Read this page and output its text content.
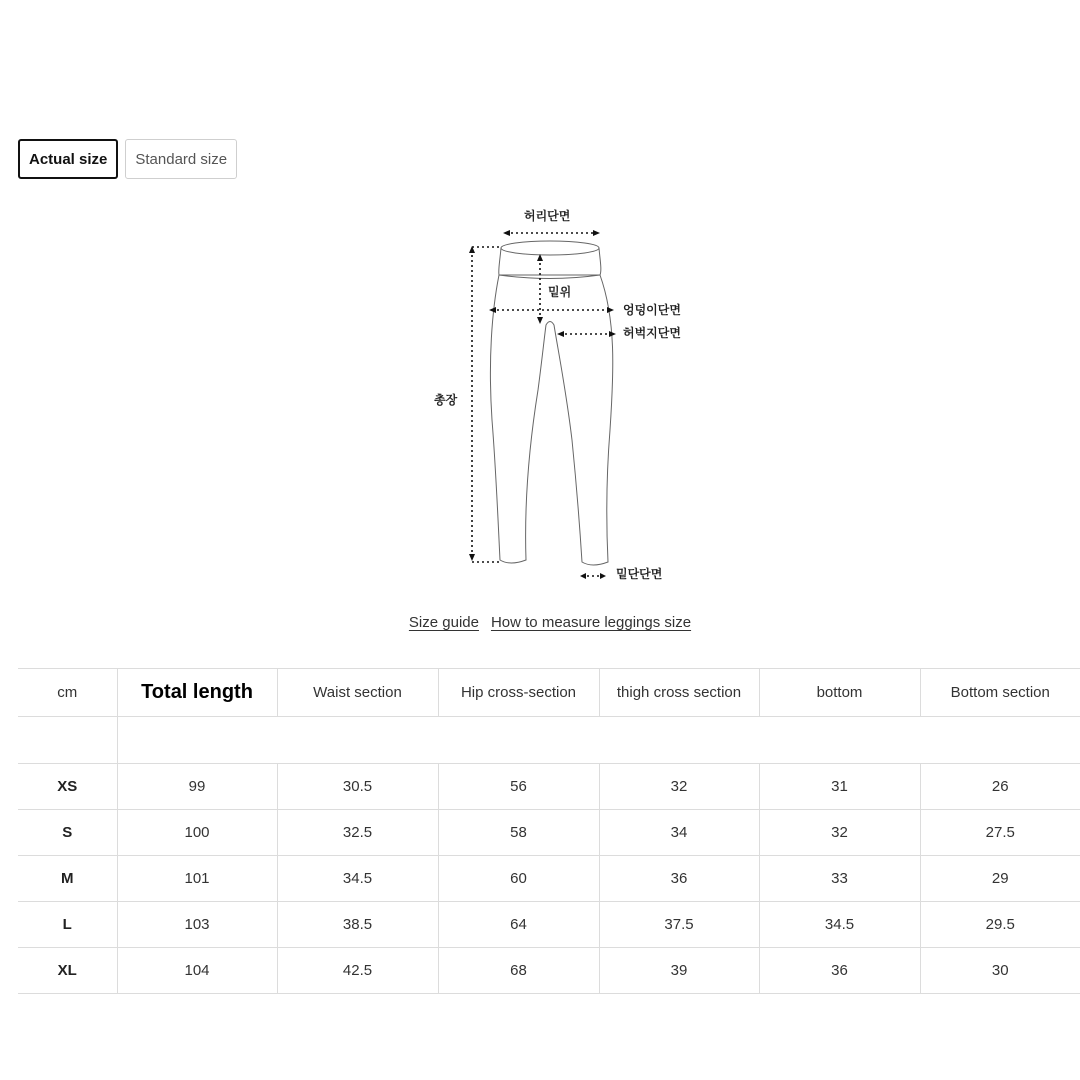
Actual size	Standard size
허리단면
밑위
엉덩이단면
허벅지단면
총장
밑단단면
Size guide How to measure leggings size
cm	Total length	Waist section	Hip cross-section	thigh cross section	bottom	Bottom section

XS	99	30.5	56	32	31	26
S	100	32.5	58	34	32	27.5
M	101	34.5	60	36	33	29
L	103	38.5	64	37.5	34.5	29.5
XL	104	42.5	68	39	36	30
